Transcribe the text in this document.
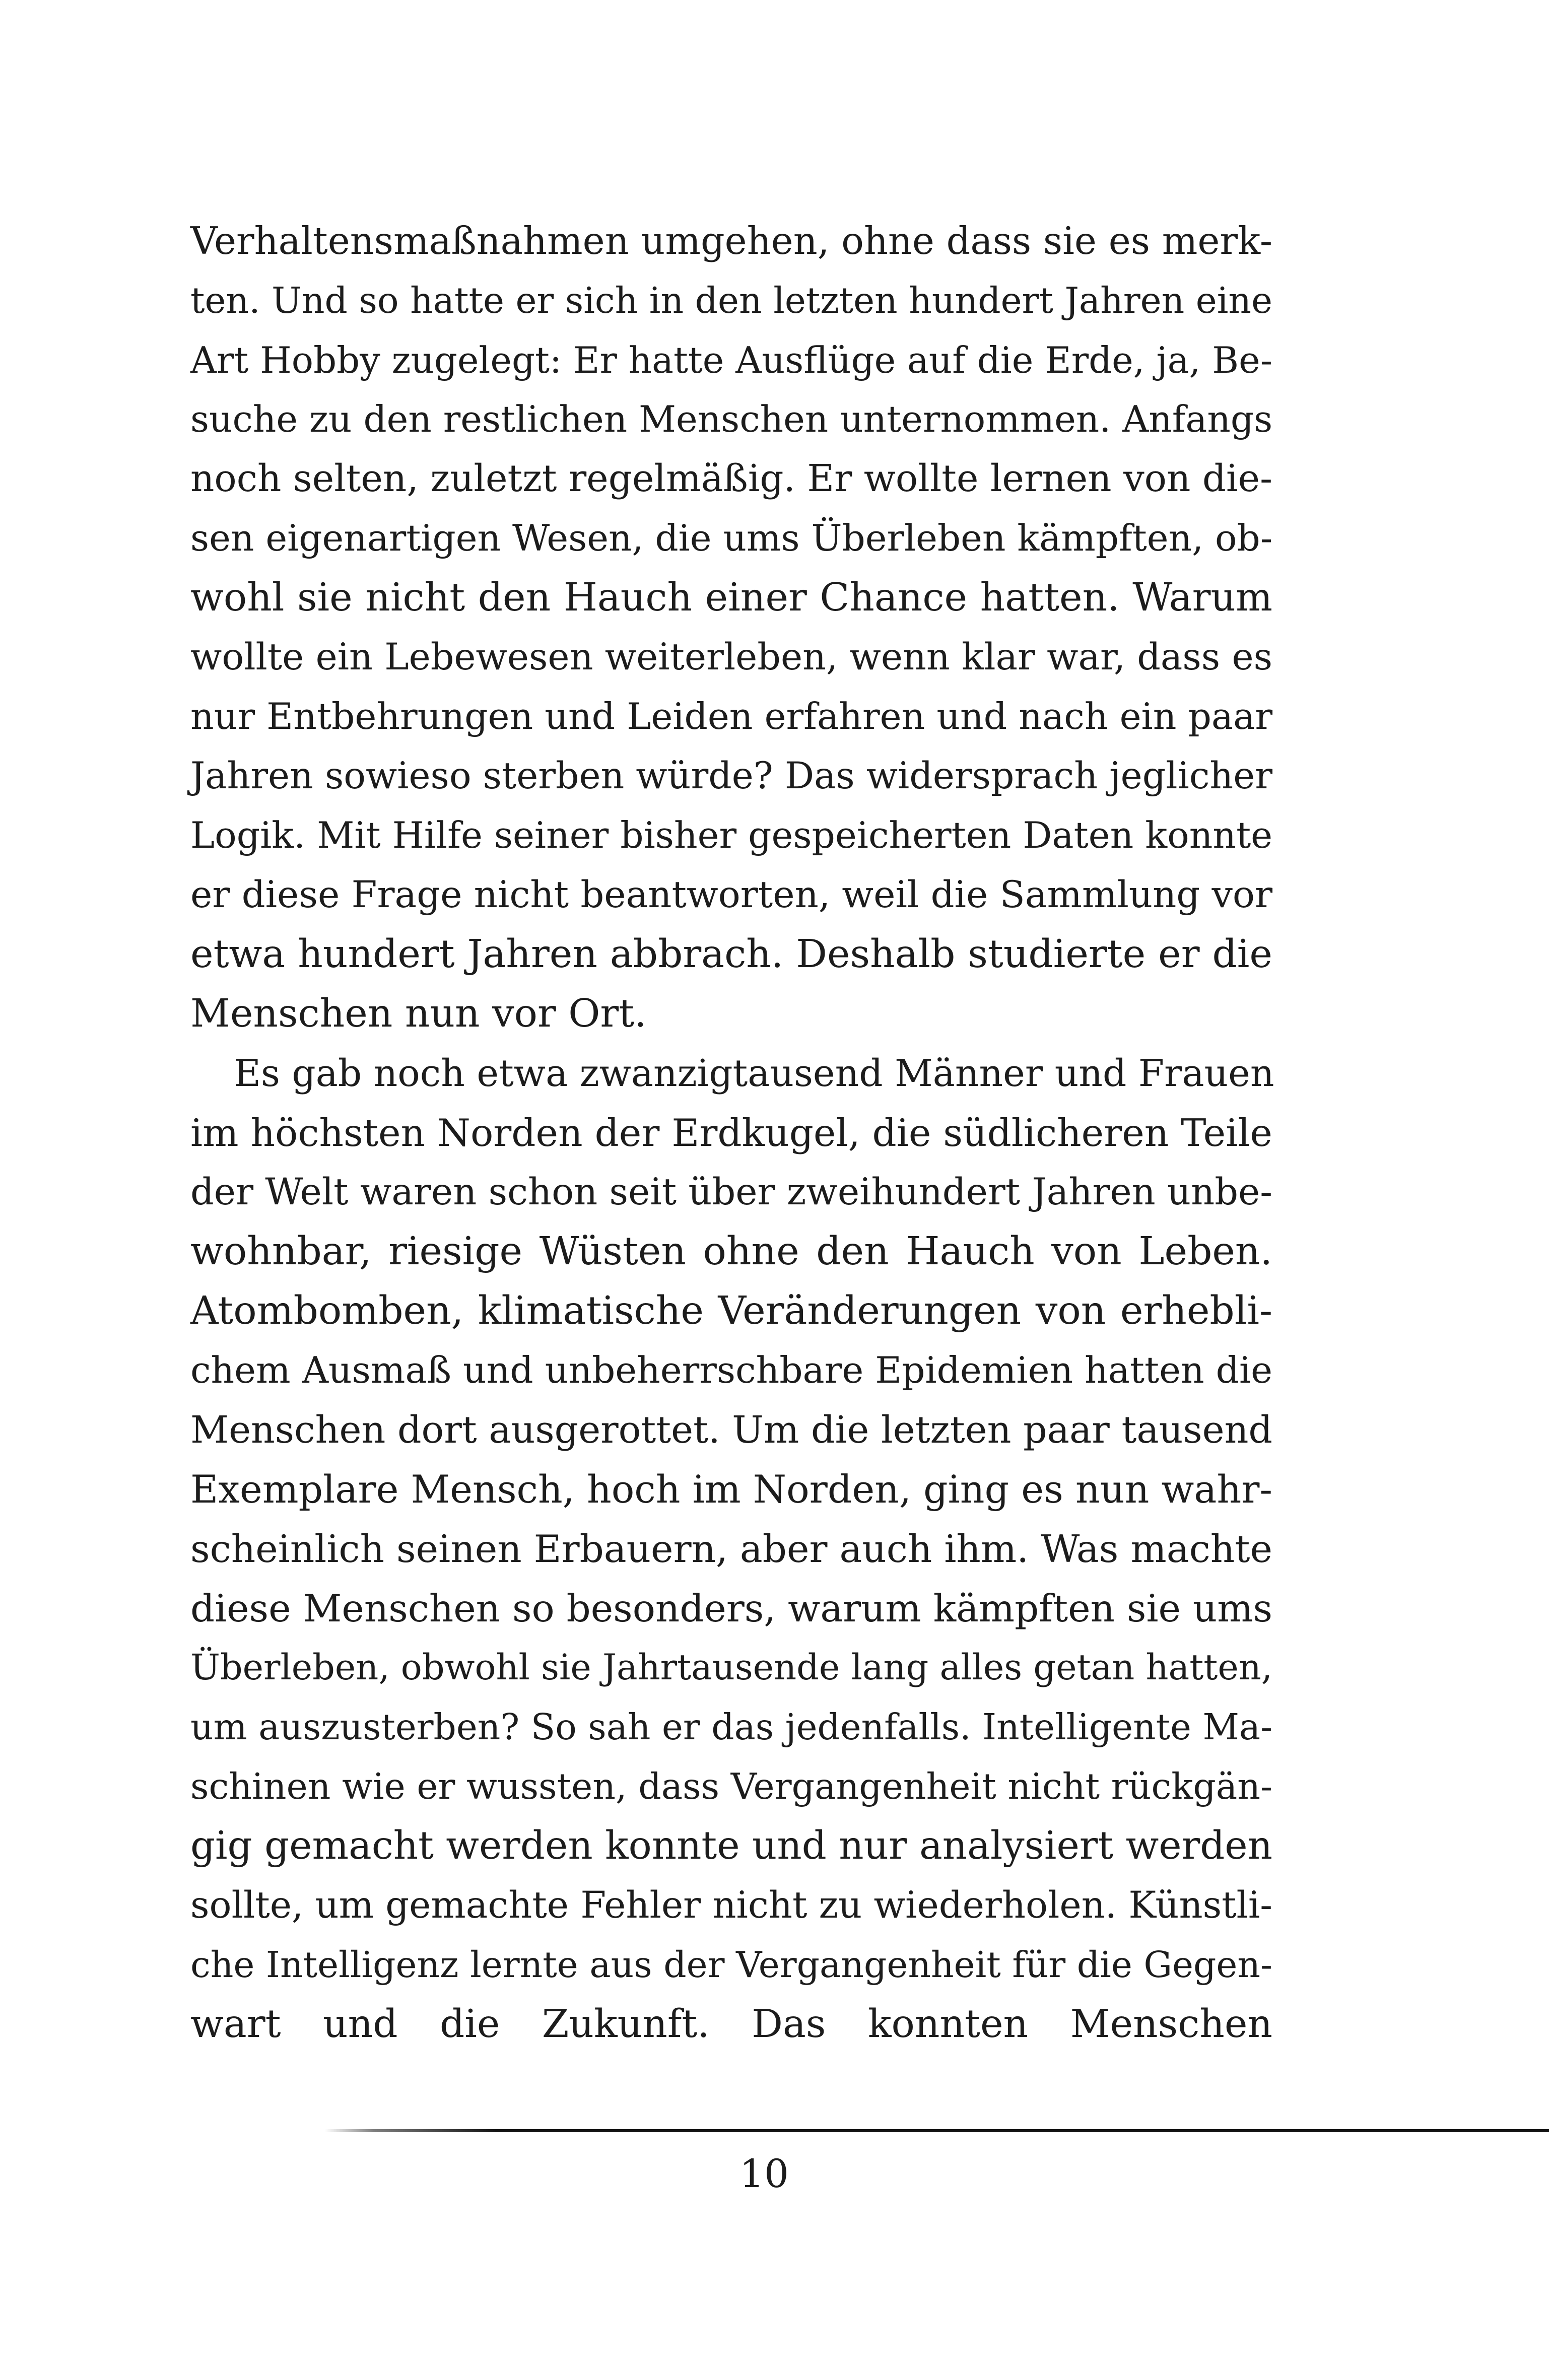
Verhaltensmaßnahmen umgehen, ohne dass sie es merk-
ten. Und so hatte er sich in den letzten hundert Jahren eine
Art Hobby zugelegt: Er hatte Ausflüge auf die Erde, ja, Be-
suche zu den restlichen Menschen unternommen. Anfangs
noch selten, zuletzt regelmäßig. Er wollte lernen von die-
sen eigenartigen Wesen, die ums Überleben kämpften, ob-
wohl sie nicht den Hauch einer Chance hatten. Warum
wollte ein Lebewesen weiterleben, wenn klar war, dass es
nur Entbehrungen und Leiden erfahren und nach ein paar
Jahren sowieso sterben würde? Das widersprach jeglicher
Logik. Mit Hilfe seiner bisher gespeicherten Daten konnte
er diese Frage nicht beantworten, weil die Sammlung vor
etwa hundert Jahren abbrach. Deshalb studierte er die
Menschen nun vor Ort.
Es gab noch etwa zwanzigtausend Männer und Frauen
im höchsten Norden der Erdkugel, die südlicheren Teile
der Welt waren schon seit über zweihundert Jahren unbe-
wohnbar, riesige Wüsten ohne den Hauch von Leben.
Atombomben, klimatische Veränderungen von erhebli-
chem Ausmaß und unbeherrschbare Epidemien hatten die
Menschen dort ausgerottet. Um die letzten paar tausend
Exemplare Mensch, hoch im Norden, ging es nun wahr-
scheinlich seinen Erbauern, aber auch ihm. Was machte
diese Menschen so besonders, warum kämpften sie ums
Überleben, obwohl sie Jahrtausende lang alles getan hatten,
um auszusterben? So sah er das jedenfalls. Intelligente Ma-
schinen wie er wussten, dass Vergangenheit nicht rückgän-
gig gemacht werden konnte und nur analysiert werden
sollte, um gemachte Fehler nicht zu wiederholen. Künstli-
che Intelligenz lernte aus der Vergangenheit für die Gegen-
wart und die Zukunft. Das konnten Menschen
10
